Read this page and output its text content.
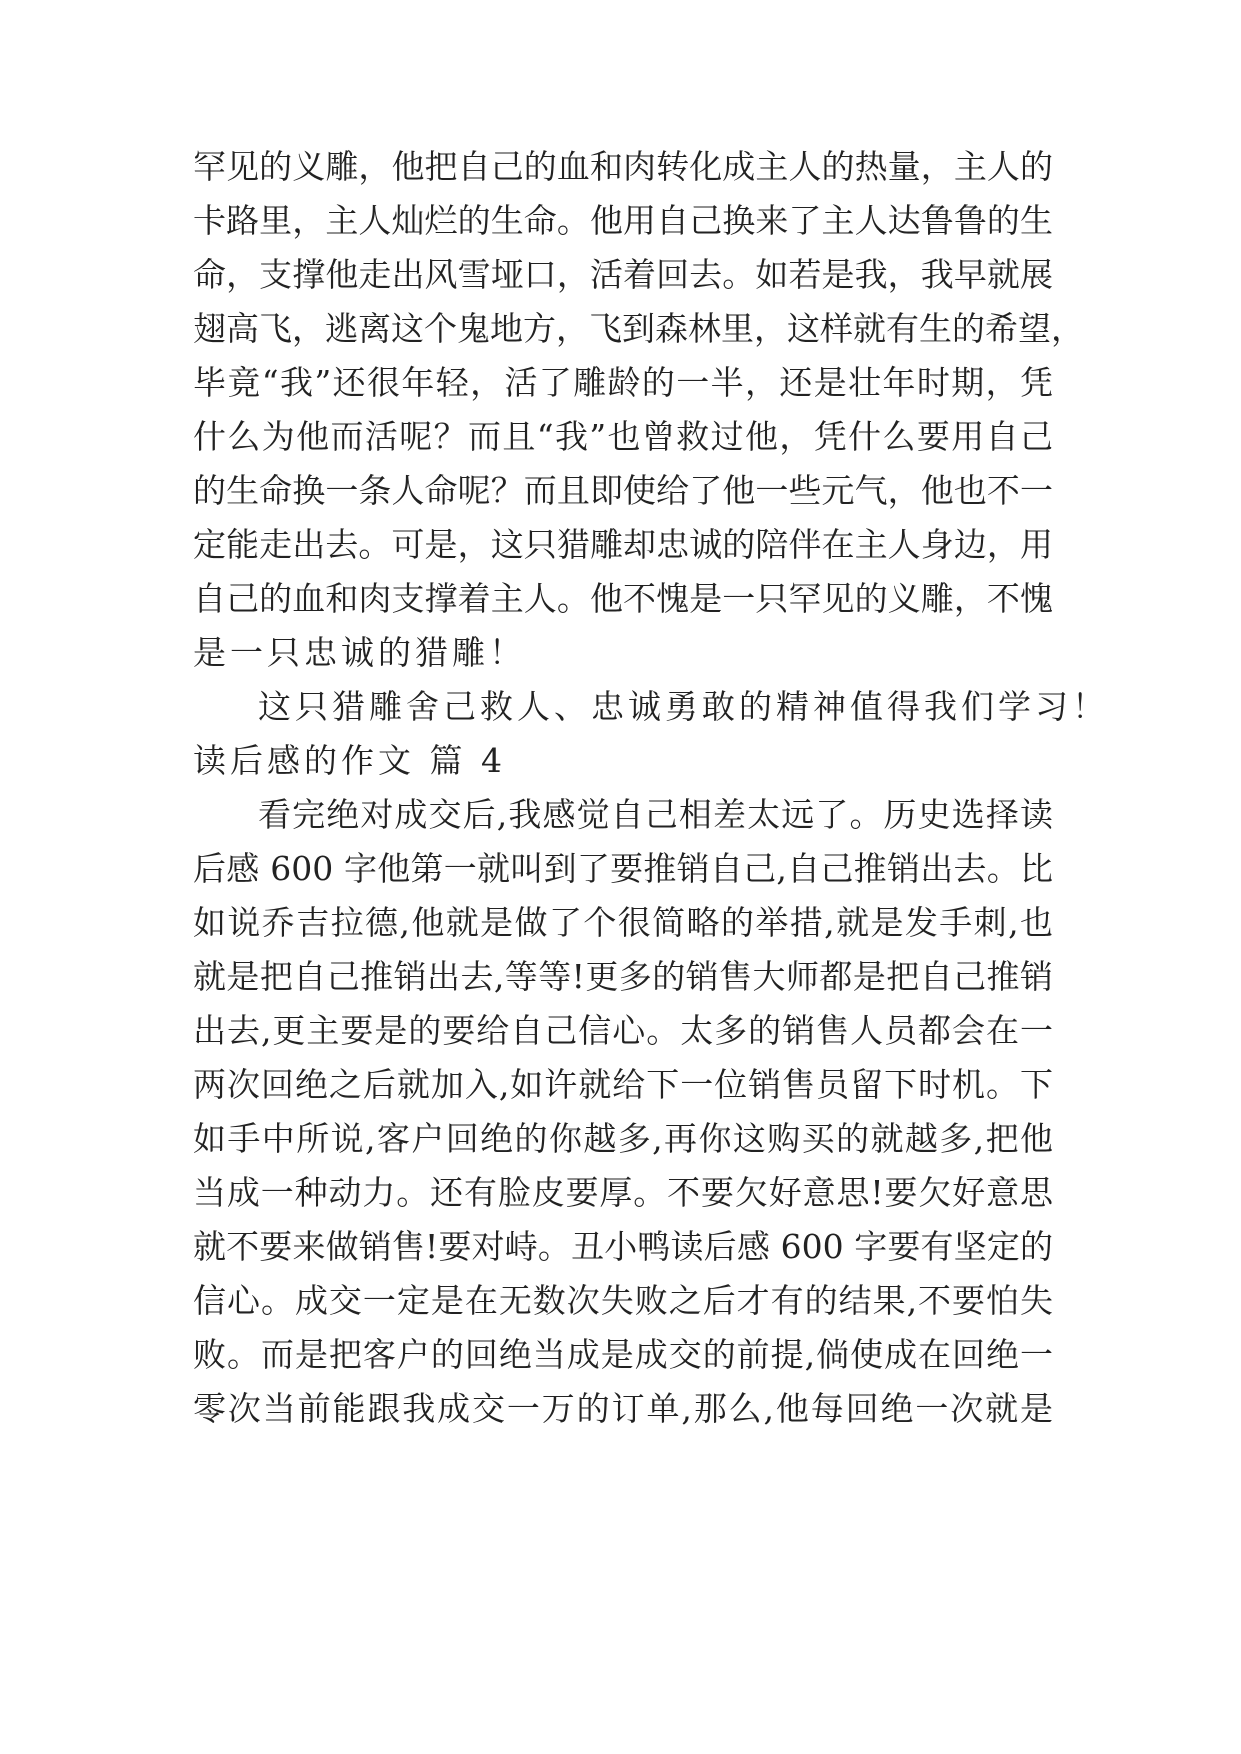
罕见的义雕，他把自己的血和肉转化成主人的热量，主人的
卡路里，主人灿烂的生命。他用自己换来了主人达鲁鲁的生
命，支撑他走出风雪垭口，活着回去。如若是我，我早就展
翅高飞，逃离这个鬼地方，飞到森林里，这样就有生的希望，
毕竟“我”还很年轻，活了雕龄的一半，还是壮年时期，凭
什么为他而活呢？而且“我”也曾救过他，凭什么要用自己
的生命换一条人命呢？而且即使给了他一些元气，他也不一
定能走出去。可是，这只猎雕却忠诚的陪伴在主人身边，用
自己的血和肉支撑着主人。他不愧是一只罕见的义雕，不愧
是一只忠诚的猎雕！
这只猎雕舍己救人、忠诚勇敢的精神值得我们学习！
读后感的作文 篇 4
看完绝对成交后,我感觉自己相差太远了。历史选择读
后感 600 字他第一就叫到了要推销自己,自己推销出去。比
如说乔吉拉德,他就是做了个很简略的举措,就是发手刺,也
就是把自己推销出去,等等!更多的销售大师都是把自己推销
出去,更主要是的要给自己信心。太多的销售人员都会在一
两次回绝之后就加入,如许就给下一位销售员留下时机。下
如手中所说,客户回绝的你越多,再你这购买的就越多,把他
当成一种动力。还有脸皮要厚。不要欠好意思!要欠好意思
就不要来做销售!要对峙。丑小鸭读后感 600 字要有坚定的
信心。成交一定是在无数次失败之后才有的结果,不要怕失
败。而是把客户的回绝当成是成交的前提,倘使成在回绝一
零次当前能跟我成交一万的订单,那么,他每回绝一次就是
